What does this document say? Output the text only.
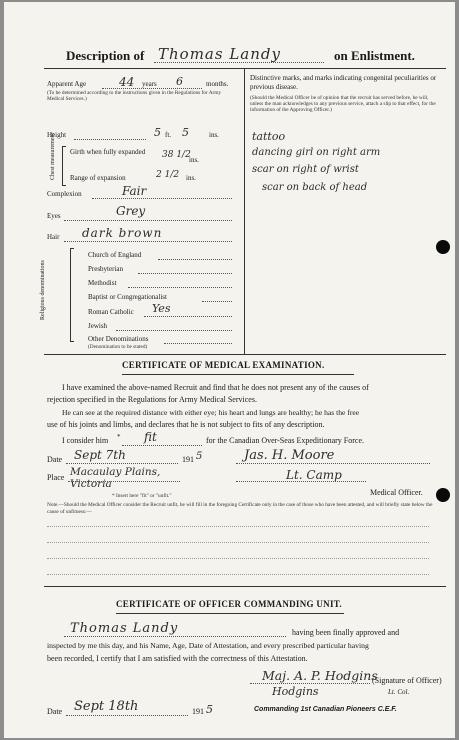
Description of Thomas Landy	on Enlistment.
Apparent Age	44 years 6	months.
(To be determined according to the instructions given in the Regulations for Army Medical Services.)
Height	5 ft. 5	ins.
Chest measurement Girth when fully expanded	38 1/2
ins.
Range of expansion	2 1/2 ins.
Complexion	Fair
Eyes	Grey
Hair dark brown
Religious denominations
Church of England
Presbyterian
Methodist
Baptist or Congregationalist
Roman Catholic Yes
Jewish
Other Denominations
(Denomination to be stated)
Distinctive marks, and marks indicating congenital peculiarities or previous disease.
(Should the Medical Officer be of opinion that the recruit has served before, he will, unless the man acknowledges to any previous service, attach a slip to that effect, for the information of the Approving Officer.)
tattoo
dancing girl on right arm
scar on right of wrist
scar on back of head
CERTIFICATE OF MEDICAL EXAMINATION.
I have examined the above-named Recruit and find that he does not present any of the causes of
rejection specified in the Regulations for Army Medical Services.
He can see at the required distance with either eye; his heart and lungs are healthy; he has the free
use of his joints and limbs, and declares that he is not subject to fits of any description.
I consider him * fit	for the Canadian Over-Seas Expeditionary Force.
Date Sept 7th	191 5	Jas. H. Moore
Place Macaulay Plains, Victoria
Lt. Camp
Medical Officer.
* Insert here "fit" or "unfit."
Note.—Should the Medical Officer consider the Recruit unfit, he will fill in the foregoing Certificate only in the case of those who have been attested, and will briefly state below the cause of unfitness:—
CERTIFICATE OF OFFICER COMMANDING UNIT.
Thomas Landy	having been finally approved and
inspected by me this day, and his Name, Age, Date of Attestation, and every prescribed particular having
been recorded, I certify that I am satisfied with the correctness of this Attestation.
Maj. A. P. Hodgins
(Signature of Officer)
Lt. Col.
Hodgins
Date Sept 18th	191 5	Commanding 1st Canadian Pioneers C.E.F.
